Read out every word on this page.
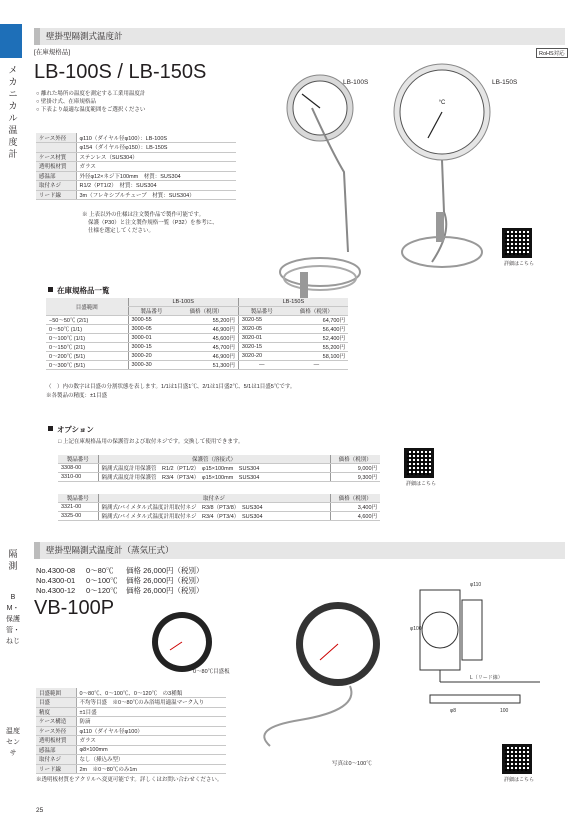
メカニカル温度計
隔測
BM・保護管・ねじ
温度センサ
壁掛型隔測式温度計
[在庫規格品]	RoHS対応
LB-100S / LB-150S
○ 離れた場所の温度を測定する工業用温度計
○ 壁掛け式、在庫規格品
○ 下表より最適な温度範囲をご選択ください
LB-100S
°C
LB-150S
ケース外径	φ110（ダイヤル径φ100）：LB-100S
	φ154（ダイヤル径φ150）：LB-150S
ケース材質	ステンレス（SUS304）
透明板材質	ガラス
感温部	外径φ12×ネジ下100mm　材質：SUS304
取付ネジ	R1/2（PT1/2）　材質：SUS304
リード線	3m（フレキシブルチューブ　材質：SUS304）
※ 上表以外の仕様は注文製作品で製作可能です。
保護（P30）と注文製作規格一覧（P32）を参考に、
仕様を選定してください。
詳細はこちら
在庫規格品一覧
目盛範囲	LB-100S		LB-150S	
	製品番号	価格（税別）	製品番号	価格（税別）
−50〜50℃ (2/1)	3000-55	55,200円	3020-55	64,700円
0〜50℃ (1/1)	3000-05	46,900円	3020-05	56,400円
0〜100℃ (1/1)	3000-01	45,600円	3020-01	52,400円
0〜150℃ (2/1)	3000-15	45,700円	3020-15	55,200円
0〜200℃ (5/1)	3000-20	46,900円	3020-20	58,100円
0〜300℃ (5/1)	3000-30	51,300円	—	—
（　）内の数字は目盛の分割状態を表します。1/1は1目盛1℃、2/1は1目盛2℃、5/1は1目盛5℃です。
※各製品の精度：±1目盛
オプション
□ 上記在庫規格品用の保護管および取付ネジです。交換して使用できます。
製品番号	保護管（溶接式）	価格（税別）
3308-00	隔測式温度計用保護管　R1/2（PT1/2）　φ15×100mm　SUS304	9,000円
3310-00	隔測式温度計用保護管　R3/4（PT3/4）　φ15×100mm　SUS304	9,300円
製品番号	取付ネジ	価格（税別）
3321-00	隔測式/バイメタル式温度計用取付ネジ　R3/8（PT3/8）　SUS304	3,400円
3325-00	隔測式/バイメタル式温度計用取付ネジ　R3/4（PT3/4）　SUS304	4,600円
詳細はこちら
壁掛型隔測式温度計（蒸気圧式）
No.4300-08 0〜80℃ 価格 26,000円（税別）
No.4300-01 0〜100℃ 価格 26,000円（税別）
No.4300-12 0〜120℃ 価格 26,000円（税別）
VB-100P
0〜80℃目盛板
写真は0〜100℃
φ110
φ100
L（リード線）
100
φ8
目盛範囲	0〜80℃、0〜100℃、0〜120℃　の3種類
目盛	不均等目盛　※0〜80℃のみ浴場用適温マーク入り
精度	±1目盛
ケース構造	防滴
ケース外径	φ110（ダイヤル径φ100）
透明板材質	ガラス
感温部	φ8×100mm
取付ネジ	なし（挿込み型）
リード線	2m　※0〜80℃のみ1m
※透明板材質をアクリルへ変更可能です。詳しくはお問い合わせください。	詳細はこちら
25
